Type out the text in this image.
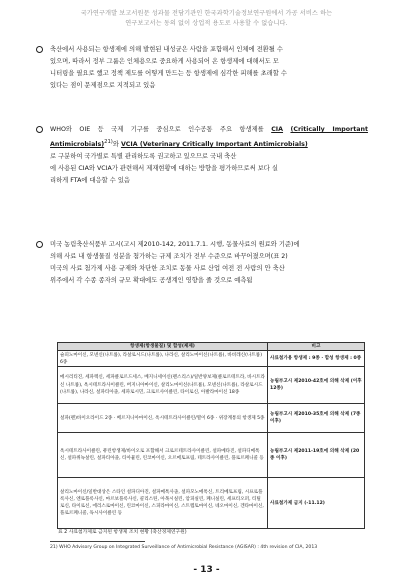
국가연구개발 보고서원문 성과물 전담기관인 한국과학기술정보연구원에서 가공 서비스 하는
연구보고서는 동의 없이 상업적 용도로 사용할 수 없습니다.

축산에서 사용되는 항생제에 의해 발현된 내성균은 사람을 포함해서 인체에 전환될 수

있으며, 따라서 정부 그룹은 인체용으로 중요하게 사용되어 온 항생제에 대해서도 모

니터링을 필요로 했고 정책 제도를 어떻게 만드는 등 항생제에 심각한 피해를 초래할 수

있다는 점이 문제점으로 지적되고 있음

WHO와 OIE 등 국제 기구를 중심으로 인수공통 주요 항생제를 CIA (Critically Important Antimicrobials)$^{21)}$와 VCIA (Veterinary Critically Important Antimicrobials)

로 구분하여 국가별로 특별 관리하도록 권고하고 있으므로 국내 축산

에 사용된 CIA와 VCIA가 관련해서 제재현황에 대하는 방향을 평가하므로써 보다 실

리하게 FTA에 대응할 수 있음

미국 농림축산식품부 고시(고시 제2010-142, 2011.7.1. 시행, 동물사료의 원료와 기준)에

의해 사료 내 항생물질 성분을 첨가하는 규제 조치가 전부 수준으로 바꾸어졌으며(표 2)

미국의 사료 첨가제 사용 규제와 차단한 조치로 동물 사료 산업 여전 전 사람의 안 축산

위주에서 각 수종 종자의 규모 확대에도 공생계인 영향을 줄 것으로 예측됨

항생제(항생물질) 및 합성(제제)	비고
슬피노마이신, 모넨신(나트륨), 라살로시드(나트륨), 나라신, 살리노마이신(나트륨), 바비레신(나트륨) 6종	사료첨가용 항생제 : 9종 · 합성 항생제 : 0종
메시리티진, 세파렉신, 세파클로르드세스, 베지니세이신(펜스리스)/일반양보제(클로르테트라, 바시트라신 나트륨), 옥시테트라사이클린, 버지니아마이신, 살리노마이신(나트륨), 모넨신(나트륨), 라살로시드(나트륨), 나라신, 설파티아졸, 세파로시민, 크로르사이클린, 타이로신, 아발라마이신 18종	농림부고시 제2010-42호에 의해 삭제 (이후 12종)
설파(펜)바이오라이드 2종 · 베르지니아마이신, 옥시테트라사이클린/열이 6종 · 위장계통의 항생제 5종	농림부고시 제2010-35호에 의해 삭제 (7종 이후)
옥시테트라사이클린, 퓨린항생제/바이오로 포함해서 크로르테트라사이클린, 설파메타진, 설파디메톡신, 설파퀴녹살린, 설파티아졸, 티아뮬린, 린코마이신, 오르메토프림, 테트라사이클린, 플로르페니콜 등	농림부고시 제2011-19호에 의해 삭제 (20종 이후)
살리노마이신/일반대상은 스타인 설파디아진, 설파메톡사졸, 설파모노메톡신, 트리메토프림, 시프로플록사신, 엔로플록사신, 마르보플록사신, 콜리스틴, 아목시실린, 암피실린, 페니실린, 세프티오퍼, 티틸로신, 타이로신, 에리스로마이신, 린코마이신, 스피라마이신, 스트렙토마이신, 네오마이신, 겐타마이신, 플로르페니콜, 독시사이클린 등	사료첨가제 금지 (-11.12)
표 2 사료첨가제로 금지된 항생제 조치 현황 (축산경제연구원)
21) WHO Advisory Group on Integrated Surveillance of Antimicrobial Resistance (AGISAR) : 4th revision of CIA, 2013
- 13 -
